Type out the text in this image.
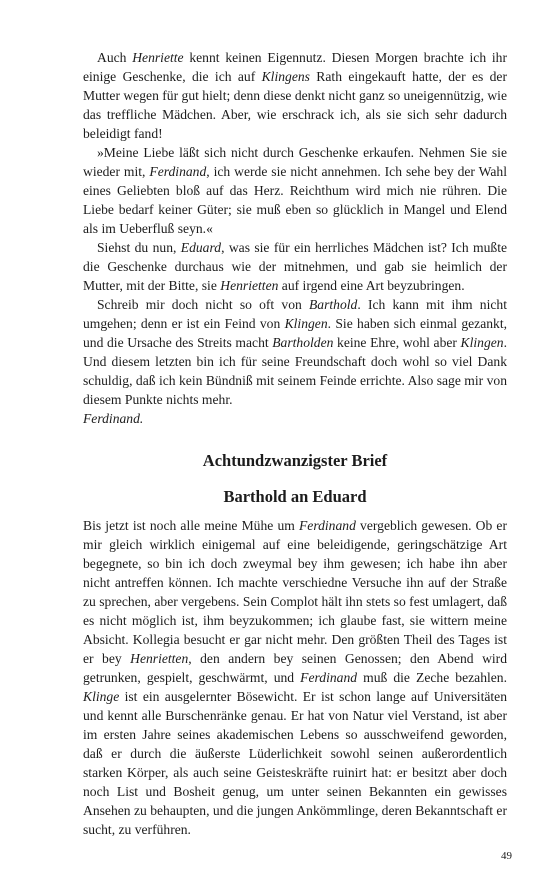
Auch Henriette kennt keinen Eigennutz. Diesen Morgen brachte ich ihr einige Geschenke, die ich auf Klingens Rath eingekauft hatte, der es der Mutter wegen für gut hielt; denn diese denkt nicht ganz so uneigennützig, wie das treffliche Mädchen. Aber, wie erschrack ich, als sie sich sehr dadurch beleidigt fand!

»Meine Liebe läßt sich nicht durch Geschenke erkaufen. Nehmen Sie sie wieder mit, Ferdinand, ich werde sie nicht annehmen. Ich sehe bey der Wahl eines Geliebten bloß auf das Herz. Reichthum wird mich nie rühren. Die Liebe bedarf keiner Güter; sie muß eben so glücklich in Mangel und Elend als im Ueberfluß seyn.«

Siehst du nun, Eduard, was sie für ein herrliches Mädchen ist? Ich mußte die Geschenke durchaus wie der mitnehmen, und gab sie heimlich der Mutter, mit der Bitte, sie Henrietten auf irgend eine Art beyzubringen.

Schreib mir doch nicht so oft von Barthold. Ich kann mit ihm nicht umgehen; denn er ist ein Feind von Klingen. Sie haben sich einmal gezankt, und die Ursache des Streits macht Bartholden keine Ehre, wohl aber Klingen. Und diesem letzten bin ich für seine Freundschaft doch wohl so viel Dank schuldig, daß ich kein Bündniß mit seinem Feinde errichte. Also sage mir von diesem Punkte nichts mehr.

Ferdinand.

Achtundzwanzigster Brief
Barthold an Eduard

Bis jetzt ist noch alle meine Mühe um Ferdinand vergeblich gewesen. Ob er mir gleich wirklich einigemal auf eine beleidigende, geringschätzige Art begegnete, so bin ich doch zweymal bey ihm gewesen; ich habe ihn aber nicht antreffen können. Ich machte verschiedne Versuche ihn auf der Straße zu sprechen, aber vergebens. Sein Complot hält ihn stets so fest umlagert, daß es nicht möglich ist, ihm beyzukommen; ich glaube fast, sie wittern meine Absicht. Kollegia besucht er gar nicht mehr. Den größten Theil des Tages ist er bey Henrietten, den andern bey seinen Genossen; den Abend wird getrunken, gespielt, geschwärmt, und Ferdinand muß die Zeche bezahlen. Klinge ist ein ausgelernter Bösewicht. Er ist schon lange auf Universitäten und kennt alle Burschenränke genau. Er hat von Natur viel Verstand, ist aber im ersten Jahre seines akademischen Lebens so ausschweifend geworden, daß er durch die äußerste Lüderlichkeit sowohl seinen außerordentlich starken Körper, als auch seine Geisteskräfte ruinirt hat: er besitzt aber doch noch List und Bosheit genug, um unter seinen Bekannten ein gewisses Ansehen zu behaupten, und die jungen Ankömmlinge, deren Bekanntschaft er sucht, zu verführen.

49
